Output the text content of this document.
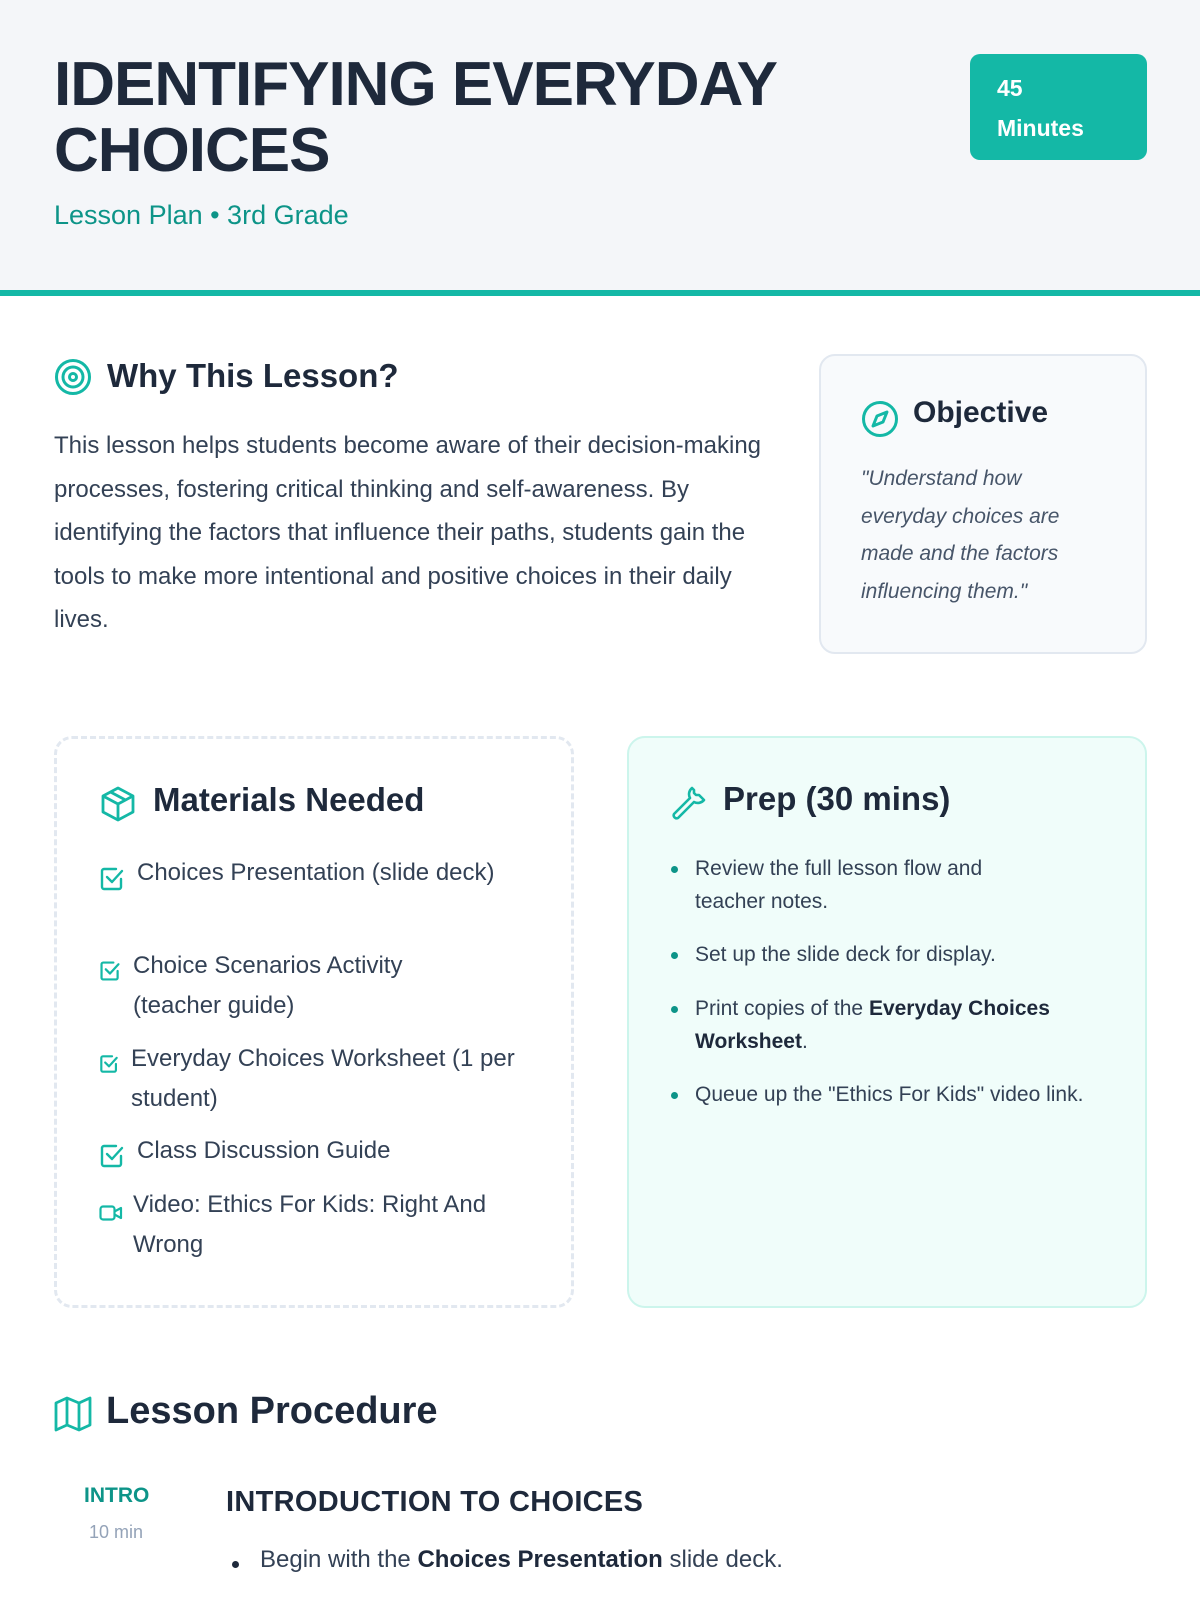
IDENTIFYING EVERYDAY
CHOICES
Lesson Plan • 3rd Grade
45
Minutes
Why This Lesson?
This lesson helps students become aware of their decision-making processes, fostering critical thinking and self-awareness. By identifying the factors that influence their paths, students gain the tools to make more intentional and positive choices in their daily lives.
Objective
"Understand how everyday choices are made and the factors influencing them."
Materials Needed
Choices Presentation (slide deck)
Choice Scenarios Activity (teacher guide)
Everyday Choices Worksheet (1 per student)
Class Discussion Guide
Video: Ethics For Kids: Right And Wrong
Prep (30 mins)
Review the full lesson flow and teacher notes.
Set up the slide deck for display.
Print copies of the Everyday Choices Worksheet.
Queue up the "Ethics For Kids" video link.
Lesson Procedure
INTRO
10 min
INTRODUCTION TO CHOICES
Begin with the Choices Presentation slide deck.
